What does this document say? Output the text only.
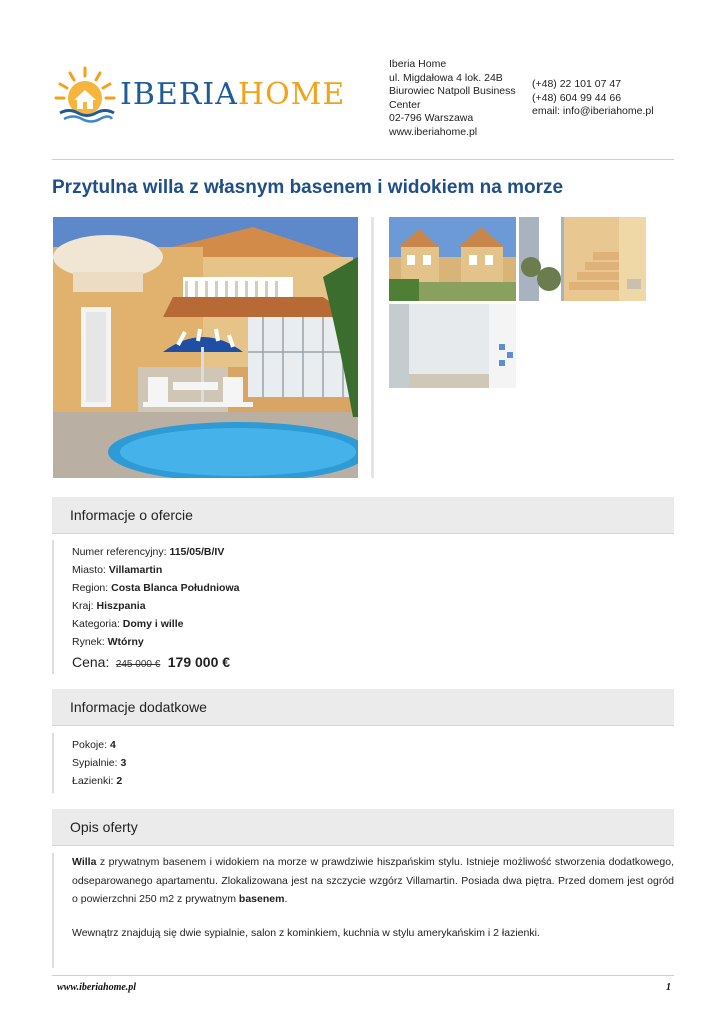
IBERIAHOME
Iberia Home
ul. Migdałowa 4 lok. 24B
Biurowiec Natpoll Business Center
02-796 Warszawa
www.iberiahome.pl
(+48) 22 101 07 47
(+48) 604 99 44 66
email: info@iberiahome.pl
Przytulna willa z własnym basenem i widokiem na morze
Informacje o ofercie
Numer referencyjny: 115/05/B/IV
Miasto: Villamartin
Region: Costa Blanca Południowa
Kraj: Hiszpania
Kategoria: Domy i wille
Rynek: Wtórny
Cena: 245 000 € 179 000 €
Informacje dodatkowe
Pokoje: 4
Sypialnie: 3
Łazienki: 2
Opis oferty

Willa z prywatnym basenem i widokiem na morze w prawdziwie hiszpańskim stylu. Istnieje możliwość stworzenia dodatkowego, odseparowanego apartamentu. Zlokalizowana jest na szczycie wzgórz Villamartin. Posiada dwa piętra. Przed domem jest ogród o powierzchni 250 m2 z prywatnym basenem.

Wewnątrz znajdują się dwie sypialnie, salon z kominkiem, kuchnia w stylu amerykańskim i 2 łazienki.

www.iberiahome.pl	1
